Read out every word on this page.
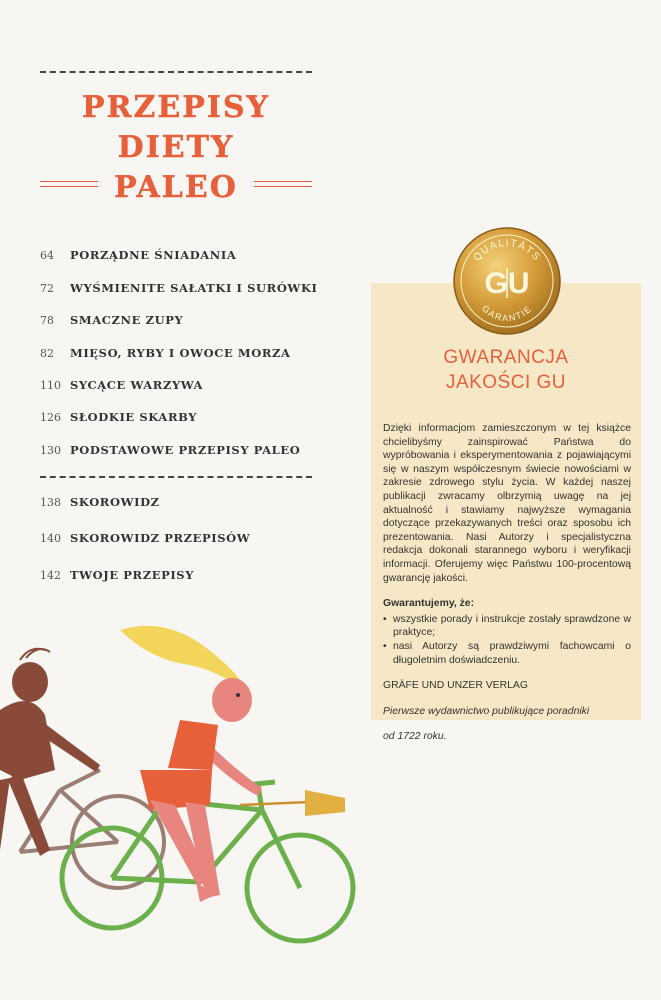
PRZEPISY
DIETY
PALEO
64 PORZĄDNE ŚNIADANIA
72 WYŚMIENITE SAŁATKI I SURÓWKI
78 SMACZNE ZUPY
82 MIĘSO, RYBY I OWOCE MORZA
110 SYCĄCE WARZYWA
126 SŁODKIE SKARBY
130 PODSTAWOWE PRZEPISY PALEO
138 SKOROWIDZ
140 SKOROWIDZ PRZEPISÓW
142 TWOJE PRZEPISY
QUALITÄTS
GU
GARANTIE
GWARANCJA
JAKOŚCI GU

Dzięki informacjom zamieszczonym w tej książce chcielibyśmy zainspirować Państwa do wypróbowania i eksperymentowania z pojawiającymi się w naszym współczesnym świecie nowościami w zakresie zdrowego stylu życia. W każdej naszej publikacji zwracamy olbrzymią uwagę na jej aktualność i stawiamy najwyższe wymagania dotyczące przekazywanych treści oraz sposobu ich prezentowania. Nasi Autorzy i specjalistyczna redakcja dokonali starannego wyboru i weryfikacji informacji. Oferujemy więc Państwu 100-procentową gwarancję jakości.

Gwarantujemy, że:

• wszystkie porady i instrukcje zostały sprawdzone w praktyce;
• nasi Autorzy są prawdziwymi fachowcami o długoletnim doświadczeniu.

GRÄFE UND UNZER VERLAG

Pierwsze wydawnictwo publikujące poradniki

od 1722 roku.
